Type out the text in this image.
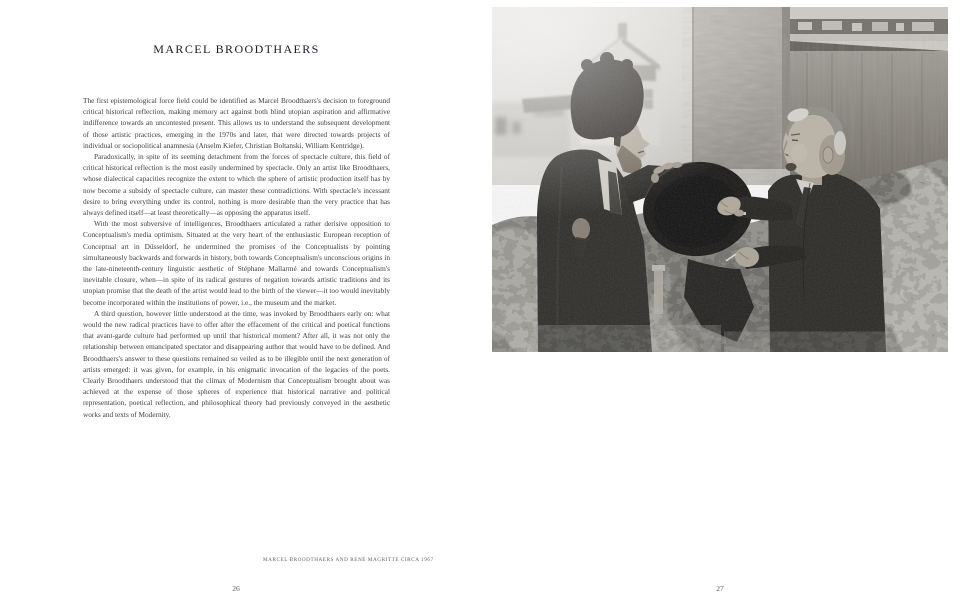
MARCEL BROODTHAERS

The first epistemological force field could be identified as Marcel Broodthaers's decision to foreground critical historical reflection, making memory act against both blind utopian aspiration and affirmative indifference towards an uncontested present. This allows us to understand the subsequent development of those artistic practices, emerging in the 1970s and later, that were directed towards projects of individual or sociopolitical anamnesia (Anselm Kiefer, Christian Boltanski, William Kentridge).

Paradoxically, in spite of its seeming detachment from the forces of spectacle culture, this field of critical historical reflection is the most easily undermined by spectacle. Only an artist like Broodthaers, whose dialectical capacities recognize the extent to which the sphere of artistic production itself has by now become a subsidy of spectacle culture, can master these contradictions. With spectacle's incessant desire to bring everything under its control, nothing is more desirable than the very practice that has always defined itself—at least theoretically—as opposing the apparatus itself.

With the most subversive of intelligences, Broodthaers articulated a rather derisive opposition to Conceptualism's media optimism. Situated at the very heart of the enthusiastic European reception of Conceptual art in Düsseldorf, he undermined the promises of the Conceptualists by pointing simultaneously backwards and forwards in history, both towards Conceptualism's unconscious origins in the late-nineteenth-century linguistic aesthetic of Stéphane Mallarmé and towards Conceptualism's inevitable closure, when—in spite of its radical gestures of negation towards artistic traditions and its utopian promise that the death of the artist would lead to the birth of the viewer—it too would inevitably become incorporated within the institutions of power, i.e., the museum and the market.

A third question, however little understood at the time, was invoked by Broodthaers early on: what would the new radical practices have to offer after the effacement of the critical and poetical functions that avant-garde culture had performed up until that historical moment? After all, it was not only the relationship between emancipated spectator and disappearing author that would have to be defined. And Broodthaers's answer to these questions remained so veiled as to be illegible until the next generation of artists emerged: it was given, for example, in his enigmatic invocation of the legacies of the poets. Clearly Broodthaers understood that the climax of Modernism that Conceptualism brought about was achieved at the expense of those spheres of experience that historical narrative and political representation, poetical reflection, and philosophical theory had previously conveyed in the aesthetic works and texts of Modernity.

MARCEL BROODTHAERS AND RENÉ MAGRITTE CIRCA 1967
26	27
